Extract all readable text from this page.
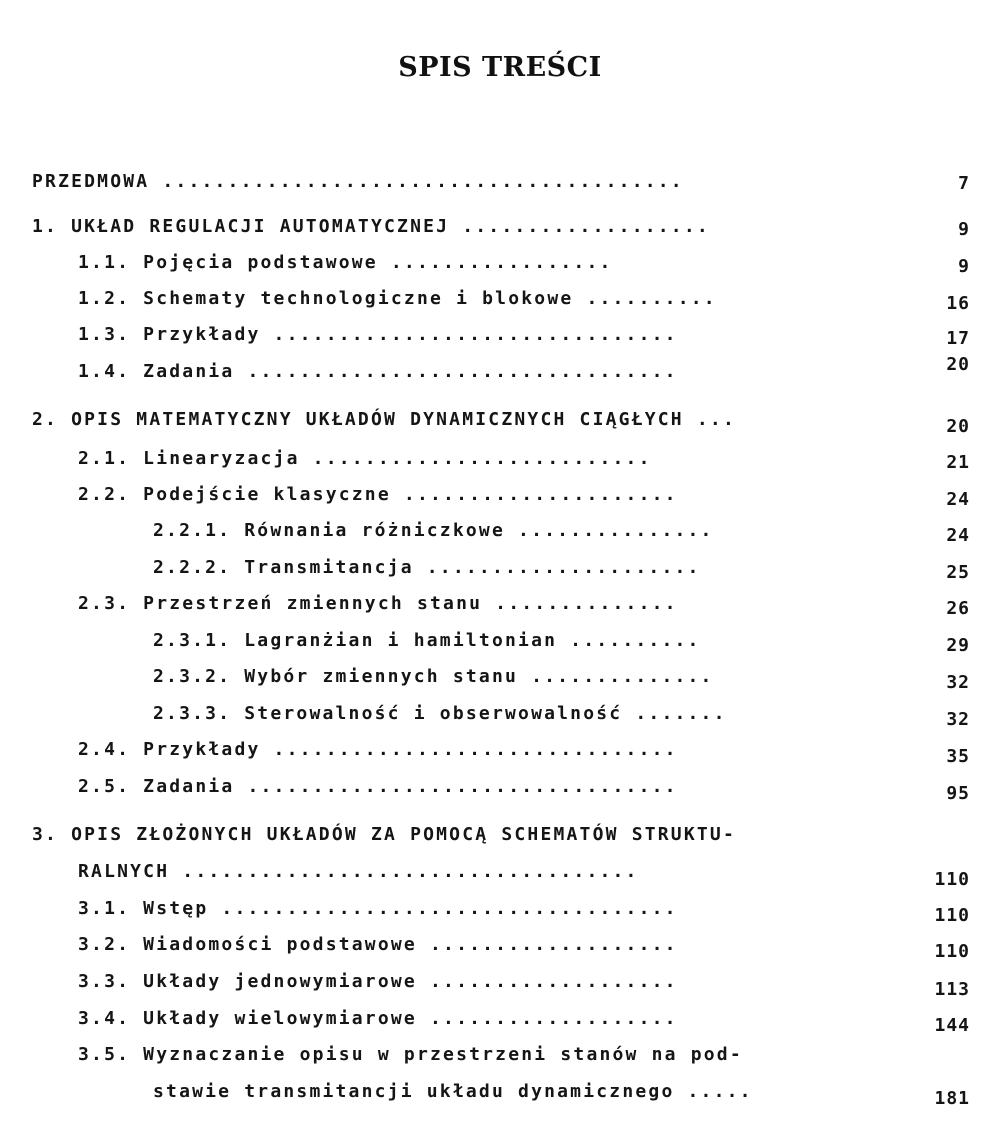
SPIS TREŚCI
PRZEDMOWA ........................................	7
1. UKŁAD REGULACJI AUTOMATYCZNEJ ...................	9
1.1. Pojęcia podstawowe .................	9
1.2. Schematy technologiczne i blokowe ..........	16
1.3. Przykłady ...............................	17
1.4. Zadania .................................	20
2. OPIS MATEMATYCZNY UKŁADÓW DYNAMICZNYCH CIĄGŁYCH ...	20
2.1. Linearyzacja ..........................	21
2.2. Podejście klasyczne .....................	24
2.2.1. Równania różniczkowe ...............	24
2.2.2. Transmitancja .....................	25
2.3. Przestrzeń zmiennych stanu ..............	26
2.3.1. Lagranżian i hamiltonian ..........	29
2.3.2. Wybór zmiennych stanu ..............	32
2.3.3. Sterowalność i obserwowalność .......	32
2.4. Przykłady ...............................	35
2.5. Zadania .................................	95
3. OPIS ZŁOŻONYCH UKŁADÓW ZA POMOCĄ SCHEMATÓW STRUKTU-
RALNYCH ...................................	110
3.1. Wstęp ...................................	110
3.2. Wiadomości podstawowe ...................	110
3.3. Układy jednowymiarowe ...................	113
3.4. Układy wielowymiarowe ...................	144
3.5. Wyznaczanie opisu w przestrzeni stanów na pod-
stawie transmitancji układu dynamicznego .....	181
